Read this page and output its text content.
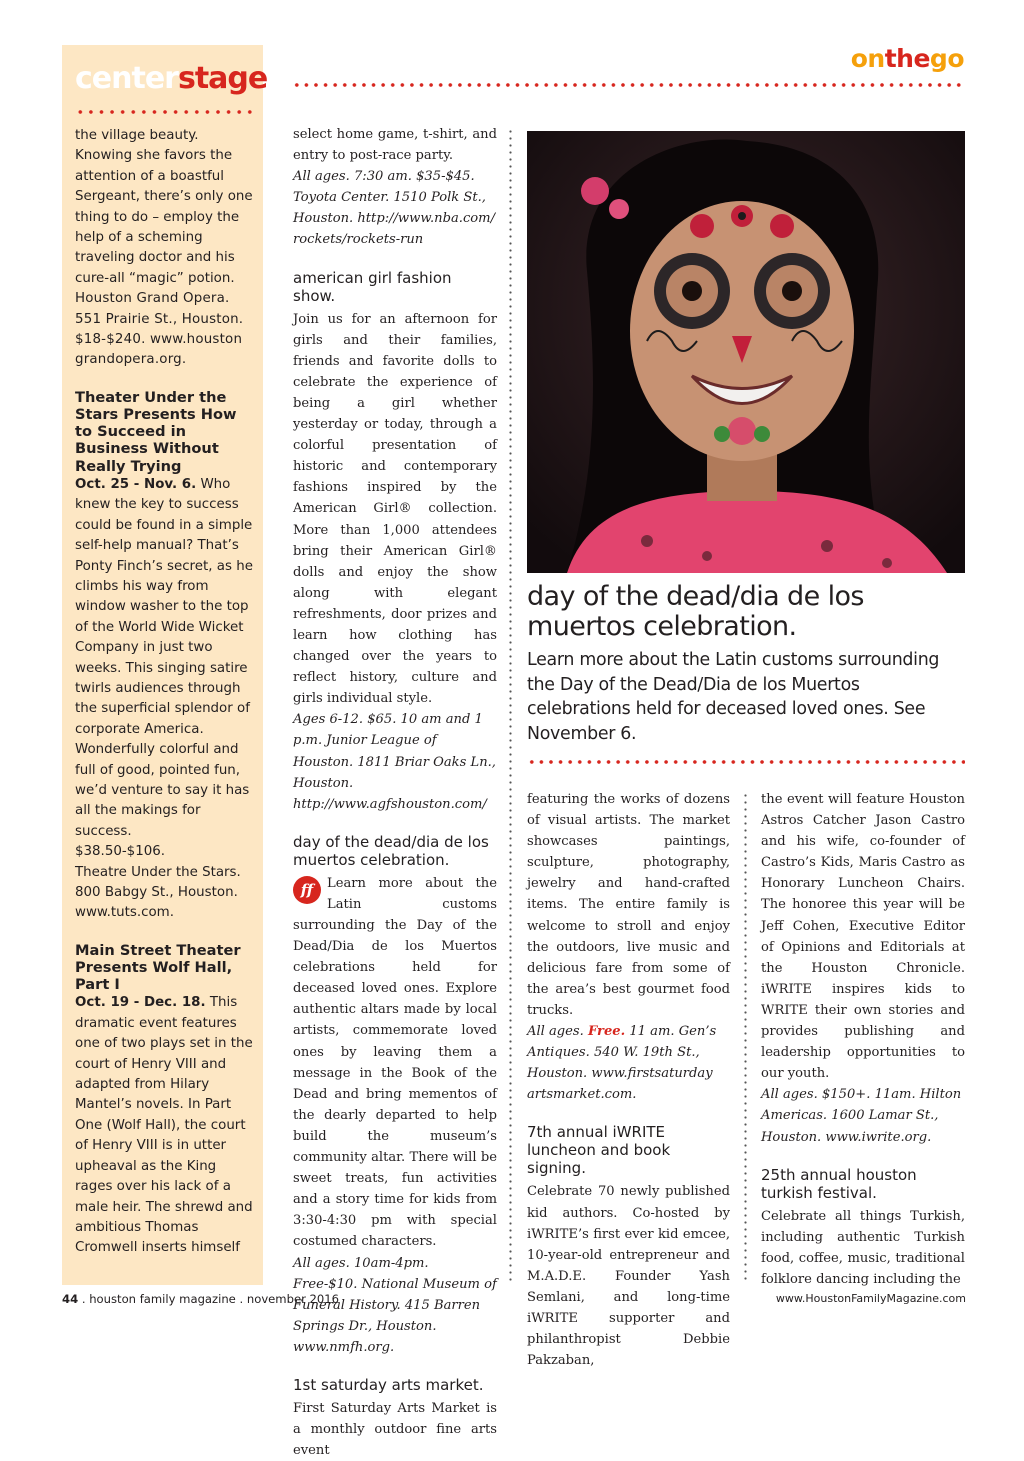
centerstage

the village beauty. Knowing she favors the attention of a boastful Sergeant, there’s only one thing to do – employ the help of a scheming traveling doctor and his cure-all “magic” potion.

Houston Grand Opera. 551 Prairie St., Houston. $18-$240. www.houston grandopera.org.

Theater Under the Stars Presents How to Succeed in Business Without Really Trying

Oct. 25 - Nov. 6. Who knew the key to success could be found in a simple self-help manual? That’s Ponty Finch’s secret, as he climbs his way from window washer to the top of the World Wide Wicket Company in just two weeks. This singing satire twirls audiences through the superficial splendor of corporate America. Wonderfully colorful and full of good, pointed fun, we’d venture to say it has all the makings for success.

$38.50-$106.

Theatre Under the Stars. 800 Babgy St., Houston. www.tuts.com.

Main Street Theater Presents Wolf Hall, Part I

Oct. 19 - Dec. 18. This dramatic event features one of two plays set in the court of Henry VIII and adapted from Hilary Mantel’s novels. In Part One (Wolf Hall), the court of Henry VIII is in utter upheaval as the King rages over his lack of a male heir. The shrewd and ambitious Thomas Cromwell inserts himself

onthego

select home game, t-shirt, and entry to post-race party.

All ages. 7:30 am. $35-$45. Toyota Center. 1510 Polk St., Houston. http://www.nba.com/ rockets/rockets-run

american girl fashion show.

Join us for an afternoon for girls and their families, friends and favorite dolls to celebrate the experience of being a girl whether yesterday or today, through a colorful presentation of historic and contemporary fashions inspired by the American Girl® collection. More than 1,000 attendees bring their American Girl® dolls and enjoy the show along with elegant refreshments, door prizes and learn how clothing has changed over the years to reflect history, culture and girls individual style.

Ages 6-12. $65. 10 am and 1 p.m. Junior League of Houston. 1811 Briar Oaks Ln., Houston. http://www.agfshouston.com/

day of the dead/dia de los muertos celebration.

ff	Learn more about the Latin customs surrounding the Day of the Dead/Dia de los Muertos celebrations held for deceased loved ones. Explore authentic altars made by local artists, commemorate loved ones by leaving them a message in the Book of the Dead and bring mementos of the dearly departed to help build the museum’s community altar. There will be sweet treats, fun activities and a story time for kids from 3:30-4:30 pm with special costumed characters.

All ages. 10am-4pm. Free-$10. National Museum of Funeral History. 415 Barren Springs Dr., Houston. www.nmfh.org.

1st saturday arts market.

First Saturday Arts Market is a monthly outdoor fine arts event

day of the dead/dia de los muertos celebration.
Learn more about the Latin customs surrounding the Day of the Dead/Dia de los Muertos celebrations held for deceased loved ones. See November 6.

featuring the works of dozens of visual artists. The market showcases paintings, sculpture, photography, jewelry and hand-crafted items. The entire family is welcome to stroll and enjoy the outdoors, live music and delicious fare from some of the area’s best gourmet food trucks.

All ages. Free. 11 am. Gen’s Antiques. 540 W. 19th St., Houston. www.firstsaturday artsmarket.com.

7th annual iWRITE luncheon and book signing.

Celebrate 70 newly published kid authors. Co-hosted by iWRITE’s first ever kid emcee, 10-year-old entrepreneur and M.A.D.E. Founder Yash Semlani, and long-time iWRITE supporter and philanthropist Debbie Pakzaban,

the event will feature Houston Astros Catcher Jason Castro and his wife, co-founder of Castro’s Kids, Maris Castro as Honorary Luncheon Chairs. The honoree this year will be Jeff Cohen, Executive Editor of Opinions and Editorials at the Houston Chronicle. iWRITE inspires kids to WRITE their own stories and provides publishing and leadership opportunities to our youth.

All ages. $150+. 11am. Hilton Americas. 1600 Lamar St., Houston. www.iwrite.org.

25th annual houston turkish festival.

Celebrate all things Turkish, including authentic Turkish food, coffee, music, traditional folklore dancing including the

44 . houston family magazine . november 2016	www.HoustonFamilyMagazine.com
